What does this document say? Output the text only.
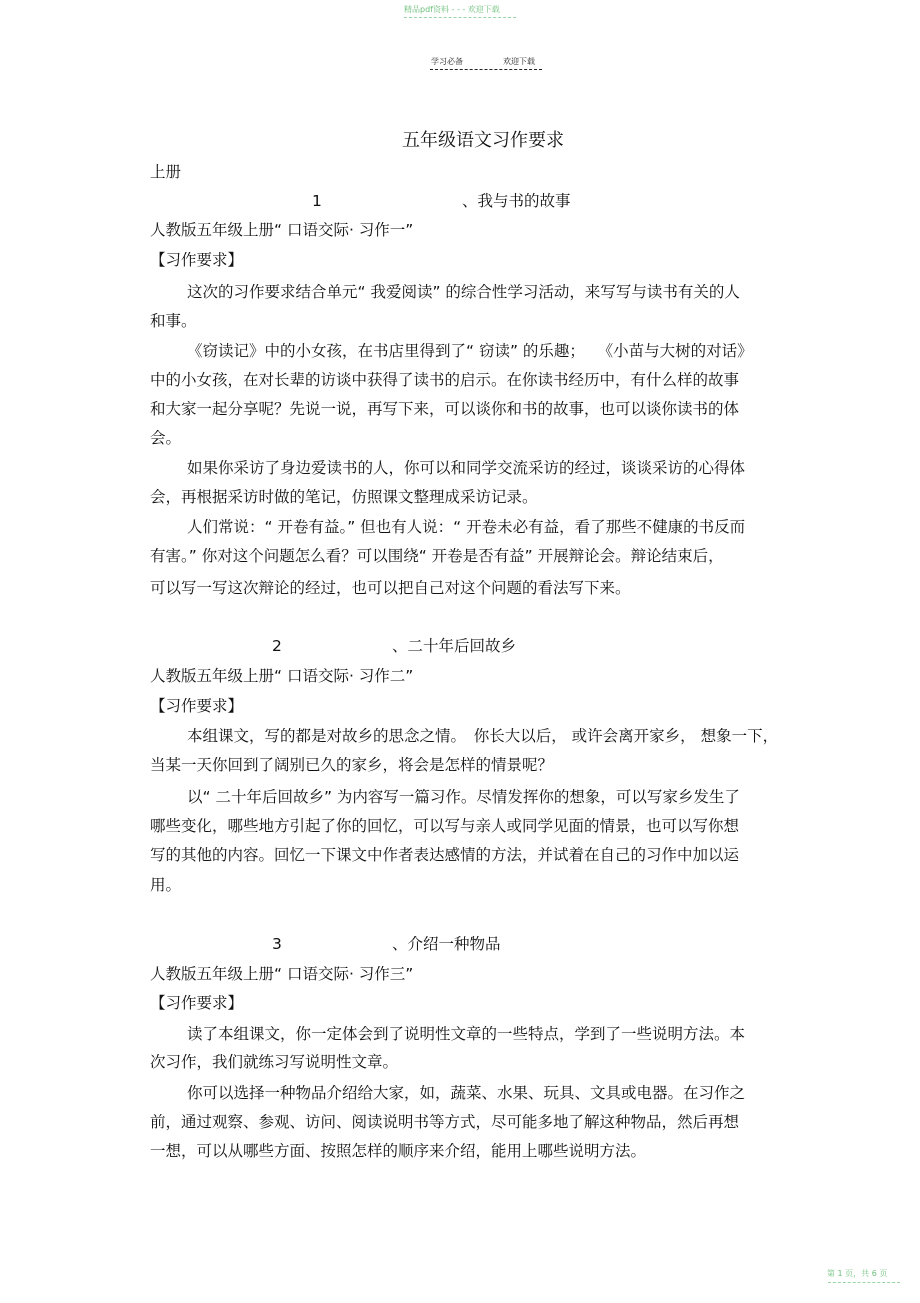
精品pdf资料 - - - 欢迎下载
学习必备	欢迎下载
五年级语文习作要求
上册
1	、我与书的故事
人教版五年级上册“ 口语交际· 习作一”
【习作要求】
这次的习作要求结合单元“ 我爱阅读” 的综合性学习活动，来写写与读书有关的人
和事。
《窃读记》中的小女孩，在书店里得到了“ 窃读” 的乐趣；　 《小苗与大树的对话》
中的小女孩，在对长辈的访谈中获得了读书的启示。在你读书经历中，有什么样的故事
和大家一起分享呢？先说一说，再写下来，可以谈你和书的故事，也可以谈你读书的体
会。
如果你采访了身边爱读书的人，你可以和同学交流采访的经过，谈谈采访的心得体
会，再根据采访时做的笔记，仿照课文整理成采访记录。
人们常说：“ 开卷有益。” 但也有人说：“ 开卷未必有益，看了那些不健康的书反而
有害。” 你对这个问题怎么看？可以围绕“ 开卷是否有益” 开展辩论会。辩论结束后，
可以写一写这次辩论的经过，也可以把自己对这个问题的看法写下来。
2	、二十年后回故乡
人教版五年级上册“ 口语交际· 习作二”
【习作要求】
本组课文，写的都是对故乡的思念之情。　你长大以后， 或许会离开家乡， 想象一下，
当某一天你回到了阔别已久的家乡，将会是怎样的情景呢？
以“ 二十年后回故乡” 为内容写一篇习作。尽情发挥你的想象，可以写家乡发生了
哪些变化，哪些地方引起了你的回忆，可以写与亲人或同学见面的情景，也可以写你想
写的其他的内容。回忆一下课文中作者表达感情的方法，并试着在自己的习作中加以运
用。
3	、介绍一种物品
人教版五年级上册“ 口语交际· 习作三”
【习作要求】
读了本组课文，你一定体会到了说明性文章的一些特点，学到了一些说明方法。本
次习作，我们就练习写说明性文章。
你可以选择一种物品介绍给大家，如，蔬菜、水果、玩具、文具或电器。在习作之
前，通过观察、参观、访问、阅读说明书等方式，尽可能多地了解这种物品，然后再想
一想，可以从哪些方面、按照怎样的顺序来介绍，能用上哪些说明方法。
第 1 页，共 6 页
